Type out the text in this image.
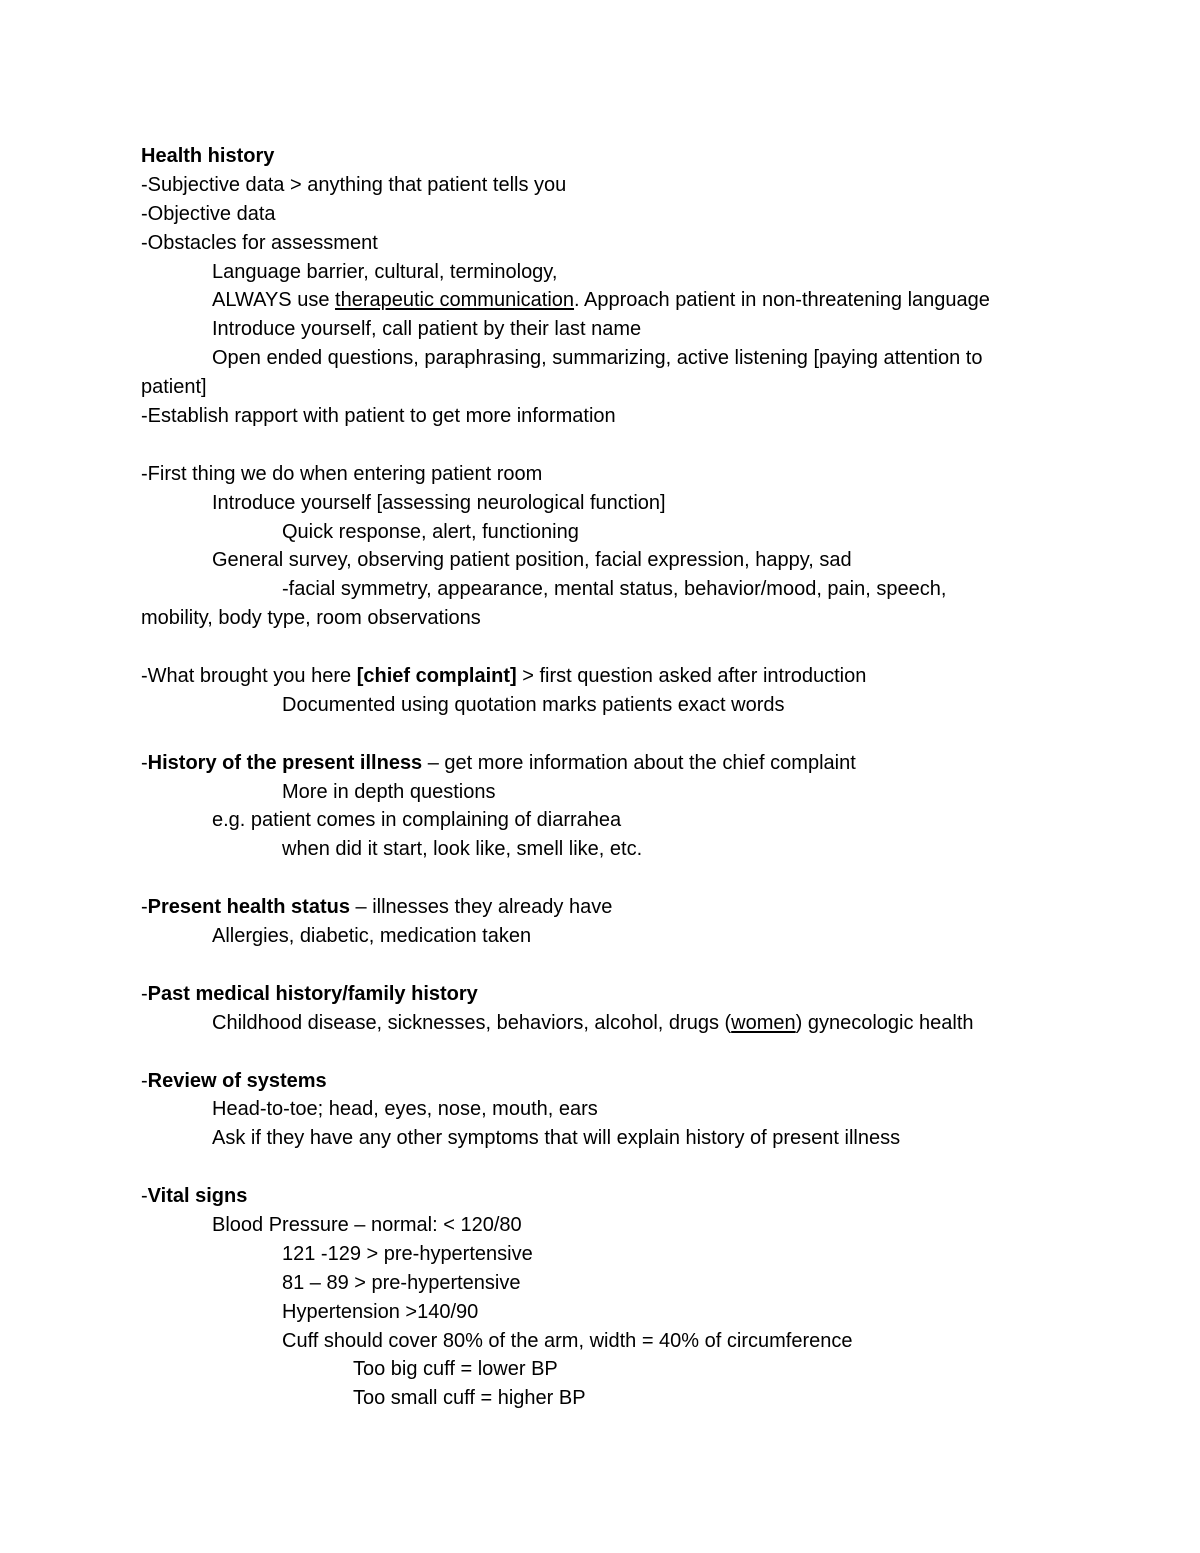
Health history
-Subjective data > anything that patient tells you
-Objective data
-Obstacles for assessment
Language barrier, cultural, terminology,
ALWAYS use therapeutic communication. Approach patient in non-threatening language
Introduce yourself, call patient by their last name
Open ended questions, paraphrasing, summarizing, active listening [paying attention to
patient]
-Establish rapport with patient to get more information
-First thing we do when entering patient room
Introduce yourself [assessing neurological function]
Quick response, alert, functioning
General survey, observing patient position, facial expression, happy, sad
-facial symmetry, appearance, mental status, behavior/mood, pain, speech,
mobility, body type, room observations
-What brought you here [chief complaint] > first question asked after introduction
Documented using quotation marks patients exact words
-History of the present illness – get more information about the chief complaint
More in depth questions
e.g. patient comes in complaining of diarrahea
when did it start, look like, smell like, etc.
-Present health status – illnesses they already have
Allergies, diabetic, medication taken
-Past medical history/family history
Childhood disease, sicknesses, behaviors, alcohol, drugs (women) gynecologic health
-Review of systems
Head-to-toe; head, eyes, nose, mouth, ears
Ask if they have any other symptoms that will explain history of present illness
-Vital signs
Blood Pressure – normal: < 120/80
121 -129 > pre-hypertensive
81 – 89 > pre-hypertensive
Hypertension >140/90
Cuff should cover 80% of the arm, width = 40% of circumference
Too big cuff = lower BP
Too small cuff = higher BP
